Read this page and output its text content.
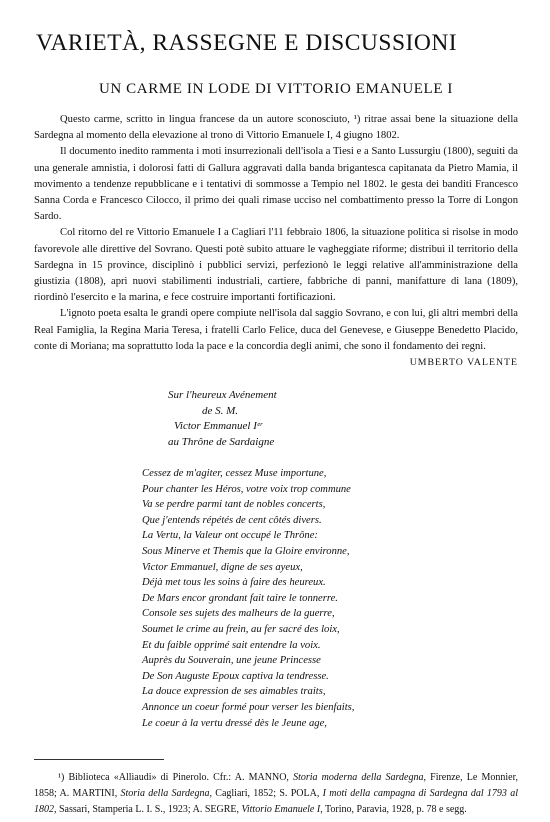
VARIETÀ, RASSEGNE E DISCUSSIONI
UN CARME IN LODE DI VITTORIO EMANUELE I

Questo carme, scritto in lingua francese da un autore sconosciuto, ¹) ritrae assai bene la situazione della Sardegna al momento della elevazione al trono di Vittorio Emanuele I, 4 giugno 1802.

Il documento inedito rammenta i moti insurrezionali dell'isola a Tiesi e a Santo Lussurgiu (1800), seguiti da una generale amnistia, i dolorosi fatti di Gallura aggravati dalla banda brigantesca capitanata da Pietro Mamia, il movimento a tendenze repubblicane e i tentativi di sommosse a Tempio nel 1802. le gesta dei banditi Francesco Sanna Corda e Francesco Cilocco, il primo dei quali rimase ucciso nel combattimento presso la Torre di Longon Sardo.

Col ritorno del re Vittorio Emanuele I a Cagliari l'11 febbraio 1806, la situazione politica si risolse in modo favorevole alle direttive del Sovrano. Questi potè subito attuare le vagheggiate riforme; distribuì il territorio della Sardegna in 15 province, disciplinò i pubblici servizi, perfezionò le leggi relative all'amministrazione della giustizia (1808), aprì nuovi stabilimenti industriali, cartiere, fabbriche di panni, manifatture di lana (1809), riordinò l'esercito e la marina, e fece costruire importanti fortificazioni.

L'ignoto poeta esalta le grandi opere compiute nell'isola dal saggio Sovrano, e con lui, gli altri membri della Real Famiglia, la Regina Maria Teresa, i fratelli Carlo Felice, duca del Genevese, e Giuseppe Benedetto Placido, conte di Moriana; ma soprattutto loda la pace e la concordia degli animi, che sono il fondamento dei regni.

UMBERTO VALENTE
Sur l'heureux Avénement
de S. M.
Victor Emmanuel Iᵉʳ
au Thrône de Sardaigne
Cessez de m'agiter, cessez Muse importune,
Pour chanter les Héros, votre voix trop commune
Va se perdre parmi tant de nobles concerts,
Que j'entends répétés de cent côtés divers.
La Vertu, la Valeur ont occupé le Thrône:
Sous Minerve et Themis que la Gloire environne,
Victor Emmanuel, digne de ses ayeux,
Déjà met tous les soins à faire des heureux.
De Mars encor grondant fait taire le tonnerre.
Console ses sujets des malheurs de la guerre,
Soumet le crime au frein, au fer sacré des loix,
Et du faible opprimé sait entendre la voix.
Auprès du Souverain, une jeune Princesse
De Son Auguste Epoux captiva la tendresse.
La douce expression de ses aimables traits,
Annonce un coeur formé pour verser les bienfaits,
Le coeur à la vertu dressé dès le Jeune age,
¹) Biblioteca «Allìaudi» di Pinerolo. Cfr.: A. MANNO, Storia moderna della Sardegna, Firenze, Le Monnier, 1858; A. MARTINI, Storia della Sardegna, Cagliari, 1852; S. POLA, I moti della campagna di Sardegna dal 1793 al 1802, Sassari, Stamperia L. I. S., 1923; A. SEGRE, Vittorio Emanuele I, Torino, Paravia, 1928, p. 78 e segg.
